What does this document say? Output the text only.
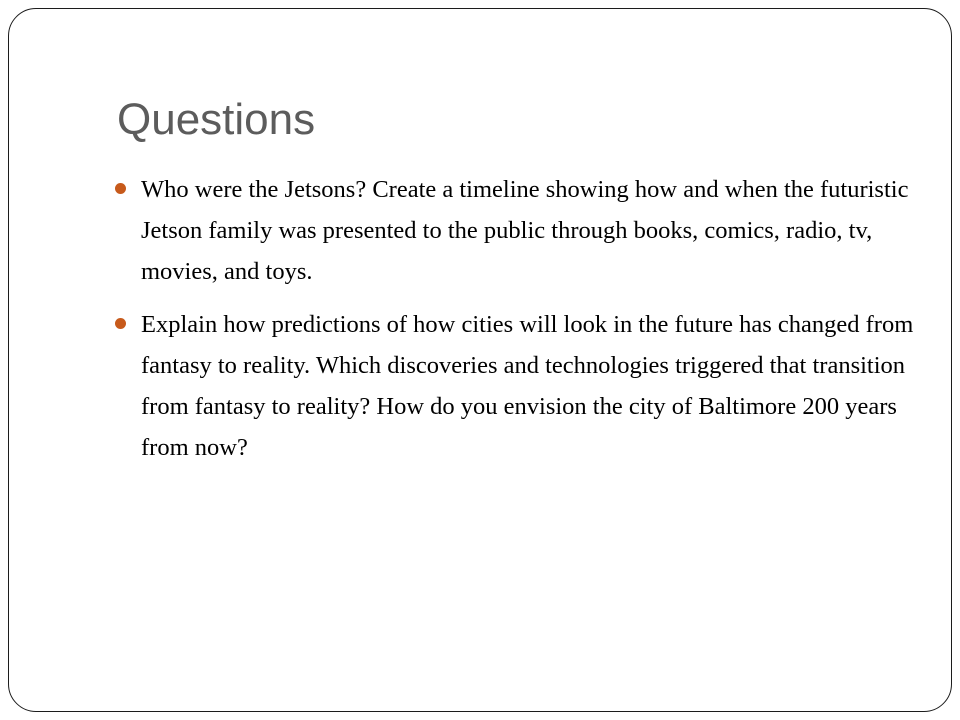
Questions
Who were the Jetsons? Create a timeline showing how and when the futuristic Jetson family was presented to the public through books, comics, radio, tv, movies, and toys.
Explain how predictions of how cities will look in the future has changed from fantasy to reality. Which discoveries and technologies triggered that transition from fantasy to reality? How do you envision the city of Baltimore 200 years from now?
